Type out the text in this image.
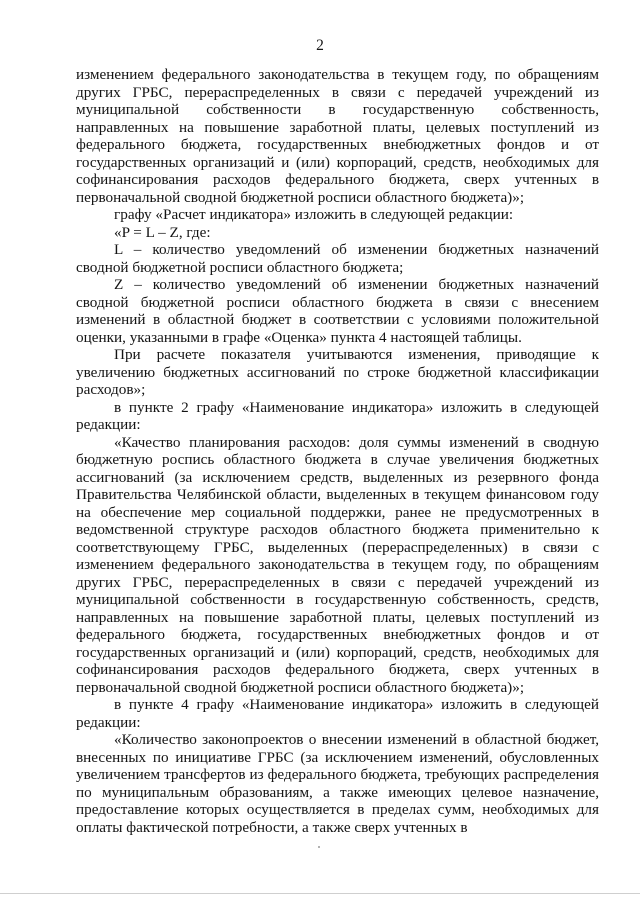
2

изменением федерального законодательства в текущем году, по обращениям других ГРБС, перераспределенных в связи с передачей учреждений из муниципальной собственности в государственную собственность, направленных на повышение заработной платы, целевых поступлений из федерального бюджета, государственных внебюджетных фондов и от государственных организаций и (или) корпораций, средств, необходимых для софинансирования расходов федерального бюджета, сверх учтенных в первоначальной сводной бюджетной росписи областного бюджета)»;

графу «Расчет индикатора» изложить в следующей редакции:

«P = L – Z, где:

L – количество уведомлений об изменении бюджетных назначений сводной бюджетной росписи областного бюджета;

Z – количество уведомлений об изменении бюджетных назначений сводной бюджетной росписи областного бюджета в связи с внесением изменений в областной бюджет в соответствии с условиями положительной оценки, указанными в графе «Оценка» пункта 4 настоящей таблицы.

При расчете показателя учитываются изменения, приводящие к увеличению бюджетных ассигнований по строке бюджетной классификации расходов»;

в пункте 2 графу «Наименование индикатора» изложить в следующей редакции:

«Качество планирования расходов: доля суммы изменений в сводную бюджетную роспись областного бюджета в случае увеличения бюджетных ассигнований (за исключением средств, выделенных из резервного фонда Правительства Челябинской области, выделенных в текущем финансовом году на обеспечение мер социальной поддержки, ранее не предусмотренных в ведомственной структуре расходов областного бюджета применительно к соответствующему ГРБС, выделенных (перераспределенных) в связи с изменением федерального законодательства в текущем году, по обращениям других ГРБС, перераспределенных в связи с передачей учреждений из муниципальной собственности в государственную собственность, средств, направленных на повышение заработной платы, целевых поступлений из федерального бюджета, государственных внебюджетных фондов и от государственных организаций и (или) корпораций, средств, необходимых для софинансирования расходов федерального бюджета, сверх учтенных в первоначальной сводной бюджетной росписи областного бюджета)»;

в пункте 4 графу «Наименование индикатора» изложить в следующей редакции:

«Количество законопроектов о внесении изменений в областной бюджет, внесенных по инициативе ГРБС (за исключением изменений, обусловленных увеличением трансфертов из федерального бюджета, требующих распределения по муниципальным образованиям, а также имеющих целевое назначение, предоставление которых осуществляется в пределах сумм, необходимых для оплаты фактической потребности, а также сверх учтенных в
